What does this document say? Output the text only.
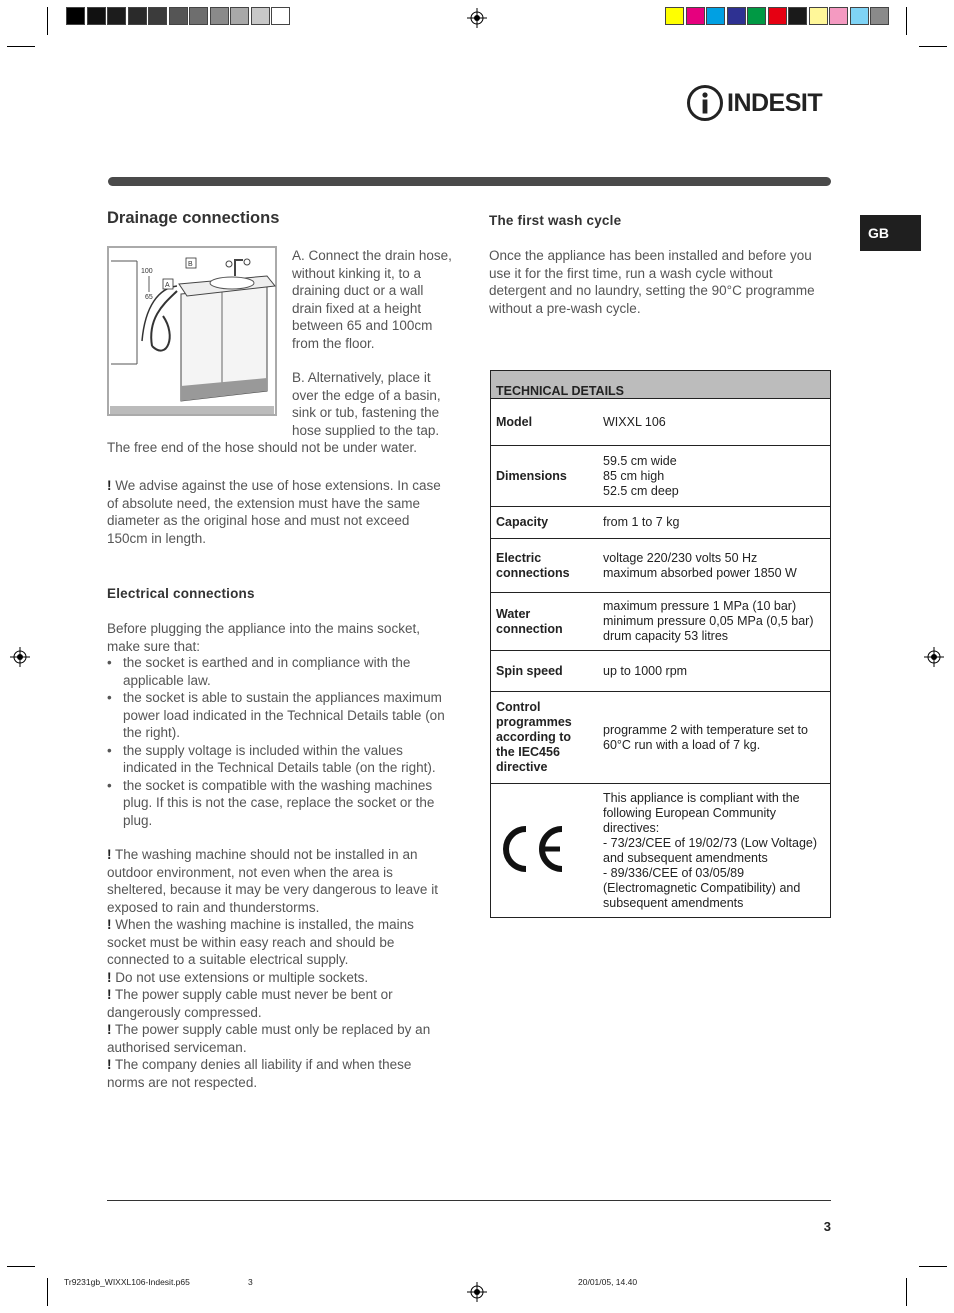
INDESIT
GB
Drainage connections
100
65
B
A

A. Connect the drain hose, without kinking it, to a draining duct or a wall drain fixed at a height between 65 and 100cm from the floor.

B. Alternatively, place it

over the edge of a basin,

sink or tub, fastening the

hose supplied to the tap.

The free end of the hose should not be under water.

! We advise against the use of hose extensions. In case of absolute need, the extension must have the same diameter as the original hose and must not exceed 150cm in length.

Electrical connections

Before plugging the appliance into the mains socket, make sure that:

• the socket is earthed and in compliance with the applicable law.
• the socket is able to sustain the appliances maximum power load indicated in the Technical Details table (on the right).
• the supply voltage is included within the values indicated in the Technical Details table (on the right).
• the socket is compatible with the washing machines plug. If this is not the case, replace the socket or the plug.

! The washing machine should not be installed in an outdoor environment, not even when the area is sheltered, because it may be very dangerous to leave it exposed to rain and thunderstorms.

! When the washing machine is installed, the mains socket must be within easy reach and should be connected to a suitable electrical supply.

! Do not use extensions or multiple sockets.

! The power supply cable must never be bent or dangerously compressed.

! The power supply cable must only be replaced by an authorised serviceman.

! The company denies all liability if and when these norms are not respected.

The first wash cycle

Once the appliance has been installed and before you use it for the first time, run a wash cycle without detergent and no laundry, setting the 90°C programme without a pre-wash cycle.

TECHNICAL DETAILS	
Model	WIXXL 106

Dimensions	59.5 cm wide
85 cm high
52.5 cm deep

Capacity	from 1 to 7 kg

Electric connections	voltage 220/230 volts 50 Hz
maximum absorbed power 1850 W

Water connection	maximum pressure 1 MPa (10 bar)
minimum pressure 0,05 MPa (0,5 bar)
drum capacity 53 litres

Spin speed	up to 1000 rpm

Control programmes according to the IEC456 directive	programme 2 with temperature set to 60°C run with a load of 7 kg.

	This appliance is compliant with the following European Community directives:
- 73/23/CEE of 19/02/73 (Low Voltage) and subsequent amendments
- 89/336/CEE of 03/05/89 (Electromagnetic Compatibility) and subsequent amendments
3
Tr9231gb_WIXXL106-Indesit.p65	3	20/01/05, 14.40
